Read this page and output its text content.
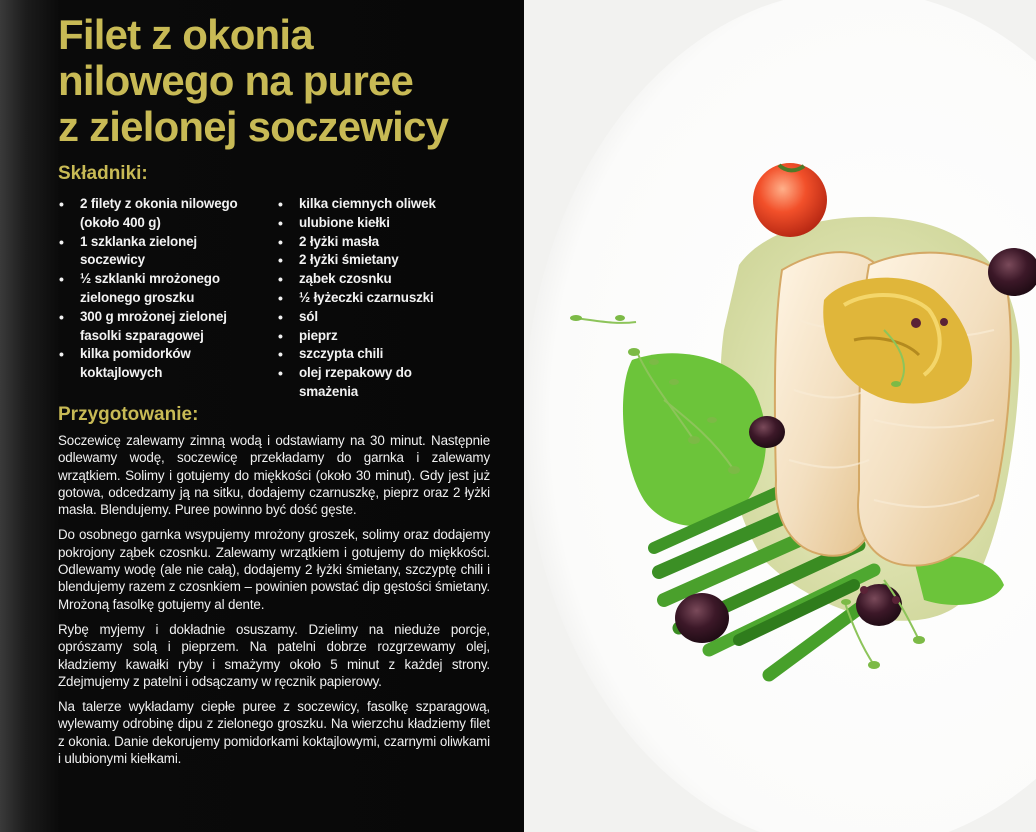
Filet z okonia
nilowego na puree
z zielonej soczewicy
Składniki:
• 2 filety z okonia nilowego (około 400 g)
• 1 szklanka zielonej soczewicy
• ½ szklanki mrożonego zielonego groszku
• 300 g mrożonej zielonej fasolki szparagowej
• kilka pomidorków koktajlowych
• kilka ciemnych oliwek
• ulubione kiełki
• 2 łyżki masła
• 2 łyżki śmietany
• ząbek czosnku
• ½ łyżeczki czarnuszki
• sól
• pieprz
• szczypta chili
• olej rzepakowy do smażenia
Przygotowanie:

Soczewicę zalewamy zimną wodą i odstawiamy na 30 minut. Następnie odlewamy wodę, soczewicę przekładamy do garnka i zalewamy wrzątkiem. Solimy i gotujemy do miękkości (około 30 minut). Gdy jest już gotowa, odcedzamy ją na sitku, dodajemy czarnuszkę, pieprz oraz 2 łyżki masła. Blendujemy. Puree powinno być dość gęste.

Do osobnego garnka wsypujemy mrożony groszek, solimy oraz dodajemy pokrojony ząbek czosnku. Zalewamy wrzątkiem i gotujemy do miękkości. Odlewamy wodę (ale nie całą), dodajemy 2 łyżki śmietany, szczyptę chili i blendujemy razem z czosnkiem – powinien powstać dip gęstości śmietany. Mrożoną fasolkę gotujemy al dente.

Rybę myjemy i dokładnie osuszamy. Dzielimy na nieduże porcje, oprószamy solą i pieprzem. Na patelni dobrze rozgrzewamy olej, kładziemy kawałki ryby i smażymy około 5 minut z każdej strony. Zdejmujemy z patelni i odsączamy w ręcznik papierowy.

Na talerze wykładamy ciepłe puree z soczewicy, fasolkę szparagową, wylewamy odrobinę dipu z zielonego groszku. Na wierzchu kładziemy filet z okonia. Danie dekorujemy pomidorkami koktajlowymi, czarnymi oliwkami i ulubionymi kiełkami.
